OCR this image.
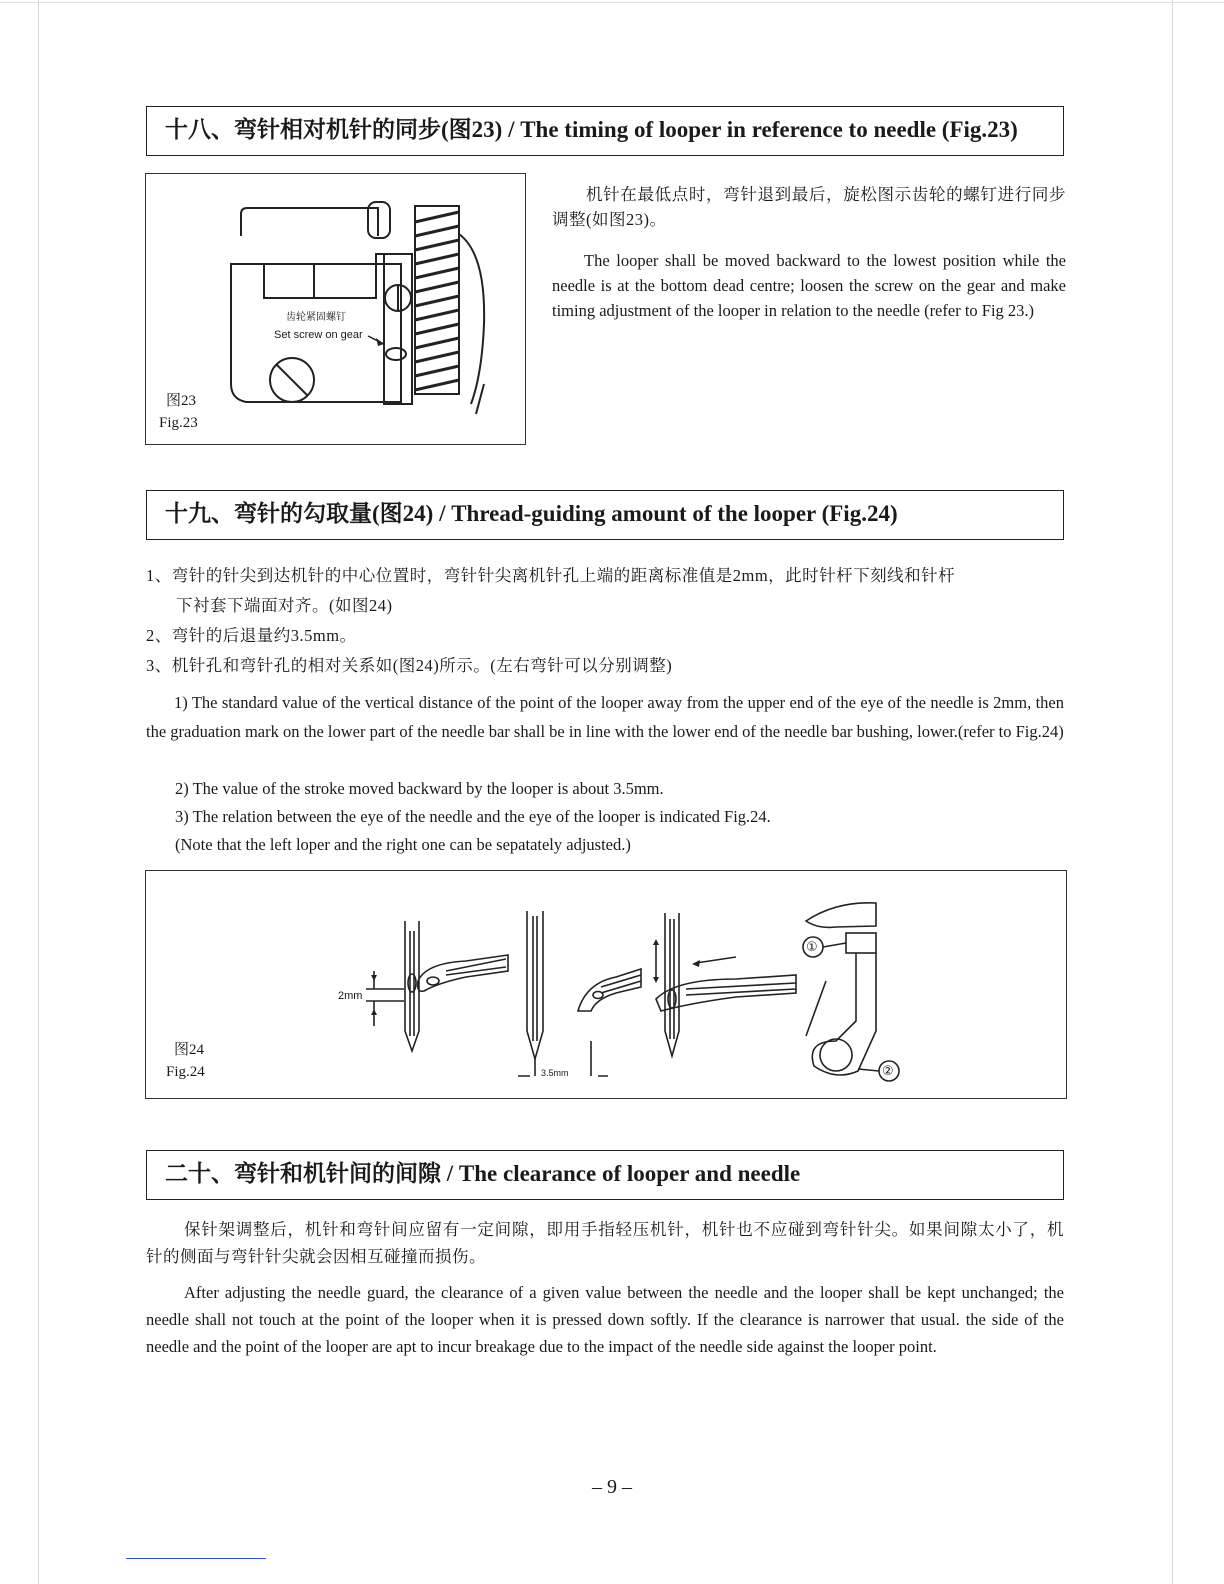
十八、弯针相对机针的同步(图23) / The timing of looper in reference to needle (Fig.23)
齿轮紧固螺钉
Set screw on gear
图23
Fig.23
机针在最低点时，弯针退到最后，旋松图示齿轮的螺钉进行同步调整(如图23)。
The looper shall be moved backward to the lowest position while the needle is at the bottom dead centre; loosen the screw on the gear and make timing adjustment of the looper in relation to the needle (refer to Fig 23.)
十九、弯针的勾取量(图24) / Thread-guiding amount of the looper (Fig.24)
1、弯针的针尖到达机针的中心位置时，弯针针尖离机针孔上端的距离标准值是2mm，此时针杆下刻线和针杆
下衬套下端面对齐。(如图24)
2、弯针的后退量约3.5mm。
3、机针孔和弯针孔的相对关系如(图24)所示。(左右弯针可以分别调整)
1) The standard value of the vertical distance of the point of the looper away from the upper end of the eye of the needle is 2mm, then the graduation mark on the lower part of the needle bar shall be in line with the lower end of the needle bar bushing, lower.(refer to Fig.24)
2) The value of the stroke moved backward by the looper is about 3.5mm.
3) The relation between the eye of the needle and the eye of the looper is indicated Fig.24.
(Note that the left loper and the right one can be sepatately adjusted.)
2mm
3.5mm
①
②
图24
Fig.24
二十、弯针和机针间的间隙 / The clearance of looper and needle
保针架调整后，机针和弯针间应留有一定间隙，即用手指轻压机针，机针也不应碰到弯针针尖。如果间隙太小了，机针的侧面与弯针针尖就会因相互碰撞而损伤。
After adjusting the needle guard, the clearance of a given value between the needle and the looper shall be kept unchanged; the needle shall not touch at the point of the looper when it is pressed down softly. If the clearance is narrower that usual. the side of the needle and the point of the looper are apt to incur breakage due to the impact of the needle side against the looper point.
– 9 –
